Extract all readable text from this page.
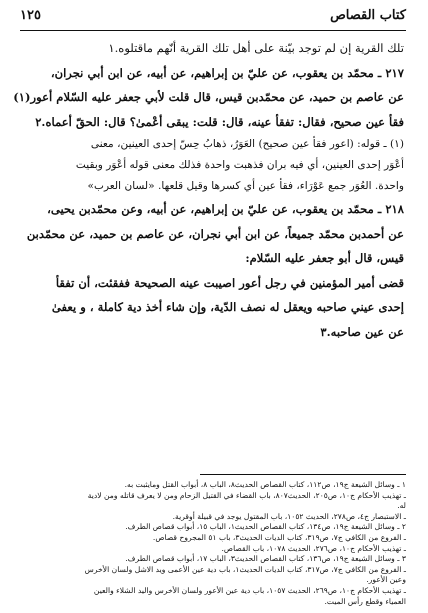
كتاب القصاص
١٢٥
تلك القرية إن لم توجد بيّنة على أهل تلك القرية أنّهم ماقتلوه.١
٢١٧ ـ محمّد بن يعقوب، عن عليّ بن إبراهيم، عن أبيه، عن ابن أبي نجران،
عن عاصم بن حميد، عن محمّدبن قيس، قال قلت لأبي جعفر عليه السّلام أعور(١)
فقأ عين صحيح، فقال: تفقأ عينه، قال: قلت: يبقى أعْمىٰ؟ قال: الحقّ أعماه.٢
(١) ـ قوله: (اعور فقأ عين صحيح) العَوَرُ، ذهابُ حِسّ إحدى العينين، معنى
أعْوَر إحدى العينين، أي فيه بران فذهبت واحدة فذلك معنى قوله أعْوَر وبقيت
واحدة. العُوَر جمع عَوْرَاء، فقأ عين أي كسرها وقيل قلعها. «لسان العرب»
٢١٨ ـ محمّد بن يعقوب، عن عليّ بن إبراهيم، عن أبيه، وعن محمّدبن يحيى،
عن أحمدبن محمّد جميعاً، عن ابن أبي نجران، عن عاصم بن حميد، عن محمّدبن
قيس، قال أبو جعفر عليه السّلام:
قضى أمير المؤمنين في رجل أعور اصيبت عينه الصحيحة ففقئت، أن تفقأ
إحدى عيني صاحبه ويعقل له نصف الدّية، وإن شاء أخذ دية كاملة ، و يعفىٰ
عن عين صاحبه.٣
١ ـ وسائل الشيعة ج١٩، ص١١٢، كتاب القصاص الحديث٨، الباب ٨، أبواب القتل ومايثبت به.
ـ تهذيب الأحكام ج١٠، ص٢٠٥، الحديث٨٠٧، باب القضاء في القتيل الزحام ومن لا يعرف قاتله ومن لادية
له.
ـ الاستبصار ج٤، ص٢٧٨، الحديث ١٠٥٢، باب المقتول يوجد في قبيلة أوقرية.
٢ ـ وسائل الشيعة ج١٩، ص١٣٤، كتاب القصاص الحديث١، الباب ١٥، أبواب قصاص الطرف.
ـ الفروع من الكافي ج٧، ص٣١٩، كتاب الديات الحديث٣، باب ٥١ المجروح قصاص.
ـ تهذيب الأحكام ج١٠، ص٢٧٦، الحديث ١٠٧٨، باب القصاص.
٣ ـ وسائل الشيعة ج١٩، ص١٣٦، كتاب القصاص الحديث٣، الباب ١٧، أبواب قصاص الطرف.
ـ الفروع من الكافي ج٧، ص٣١٧، كتاب الديات الحديث١، باب دية عين الأعمى ويد الاشل ولسان الأخرس
وعين الأعور.
ـ تهذيب الأحكام ج١٠، ص٢٦٩، الحديث ١٠٥٧، باب دية عين الأعور ولسان الأخرس واليد الشلاء والعين
العمياء وقطع رأس الميت.
